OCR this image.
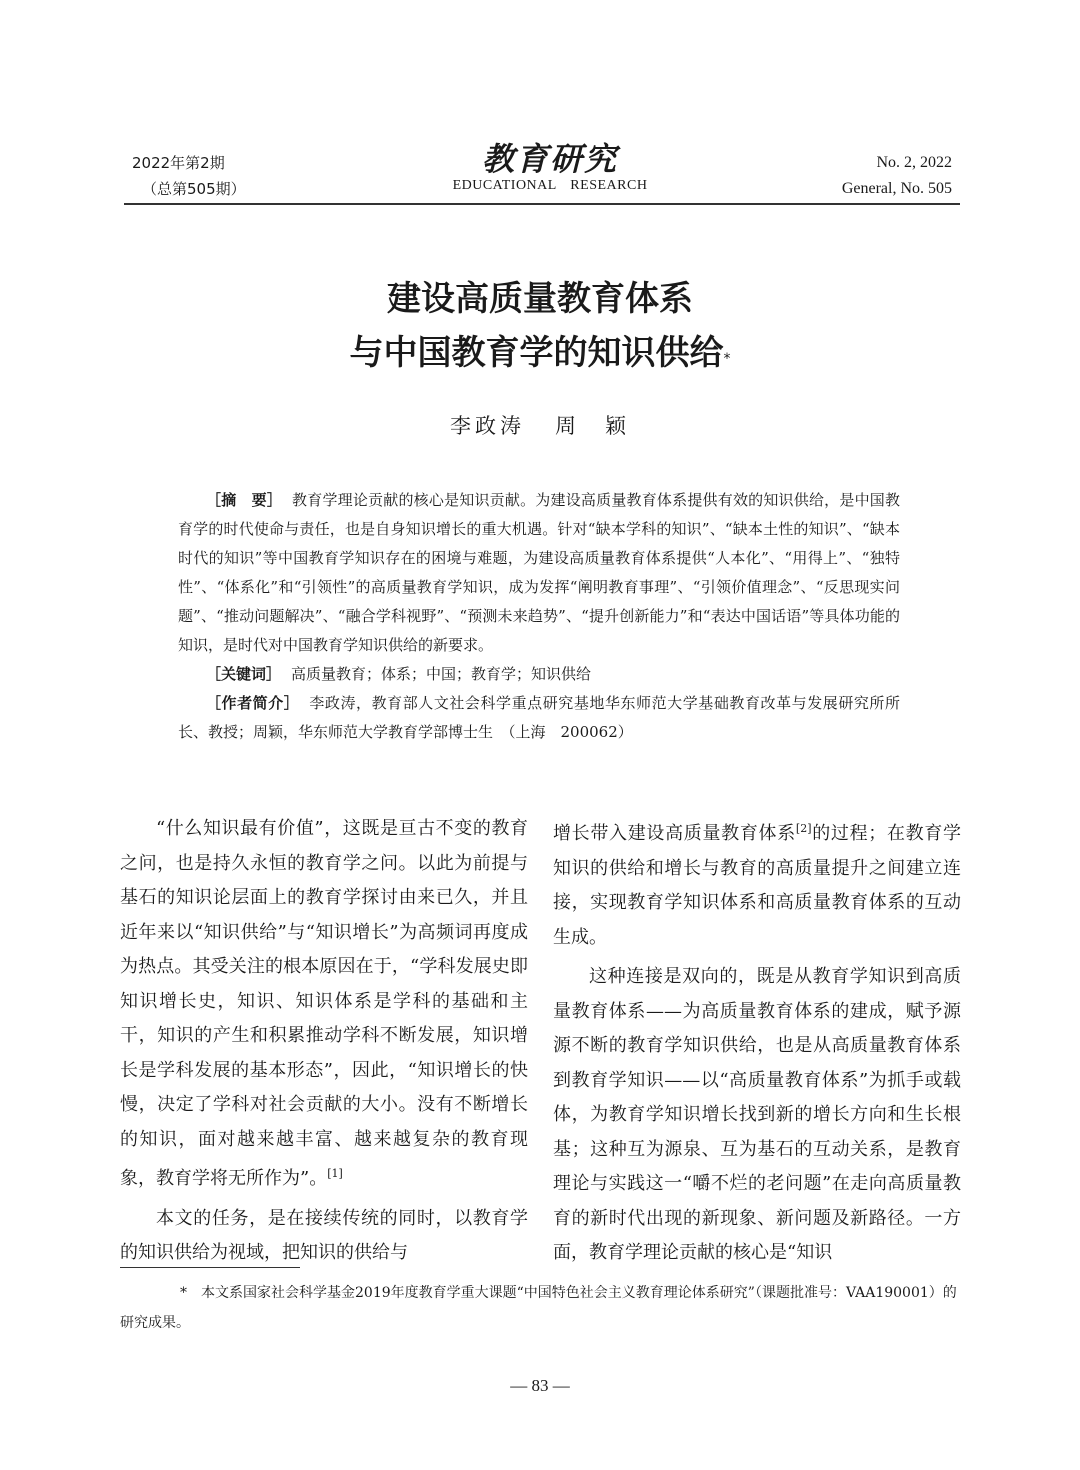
2022年第2期
（总第505期）
教育研究
EDUCATIONAL RESEARCH
No. 2, 2022
General, No. 505
建设高质量教育体系
与中国教育学的知识供给*
李政涛 周　颖

［摘　要］ 教育学理论贡献的核心是知识贡献。为建设高质量教育体系提供有效的知识供给，是中国教育学的时代使命与责任，也是自身知识增长的重大机遇。针对“缺本学科的知识”、“缺本土性的知识”、“缺本时代的知识”等中国教育学知识存在的困境与难题，为建设高质量教育体系提供“人本化”、“用得上”、“独特性”、“体系化”和“引领性”的高质量教育学知识，成为发挥“阐明教育事理”、“引领价值理念”、“反思现实问题”、“推动问题解决”、“融合学科视野”、“预测未来趋势”、“提升创新能力”和“表达中国话语”等具体功能的知识，是时代对中国教育学知识供给的新要求。

［关键词］ 高质量教育；体系；中国；教育学；知识供给

［作者简介］ 李政涛，教育部人文社会科学重点研究基地华东师范大学基础教育改革与发展研究所所长、教授；周颖，华东师范大学教育学部博士生　（上海　200062）

“什么知识最有价值”，这既是亘古不变的教育之问，也是持久永恒的教育学之问。以此为前提与基石的知识论层面上的教育学探讨由来已久，并且近年来以“知识供给”与“知识增长”为高频词再度成为热点。其受关注的根本原因在于，“学科发展史即知识增长史，知识、知识体系是学科的基础和主干，知识的产生和积累推动学科不断发展，知识增长是学科发展的基本形态”，因此，“知识增长的快慢，决定了学科对社会贡献的大小。没有不断增长的知识，面对越来越丰富、越来越复杂的教育现象，教育学将无所作为”。[1]

本文的任务，是在接续传统的同时，以教育学的知识供给为视域，把知识的供给与

增长带入建设高质量教育体系[2]的过程；在教育学知识的供给和增长与教育的高质量提升之间建立连接，实现教育学知识体系和高质量教育体系的互动生成。

这种连接是双向的，既是从教育学知识到高质量教育体系——为高质量教育体系的建成，赋予源源不断的教育学知识供给，也是从高质量教育体系到教育学知识——以“高质量教育体系”为抓手或载体，为教育学知识增长找到新的增长方向和生长根基；这种互为源泉、互为基石的互动关系，是教育理论与实践这一“嚼不烂的老问题”在走向高质量教育的新时代出现的新现象、新问题及新路径。一方面，教育学理论贡献的核心是“知识

*　本文系国家社会科学基金2019年度教育学重大课题“中国特色社会主义教育理论体系研究”（课题批准号：VAA190001）的研究成果。

— 83 —
